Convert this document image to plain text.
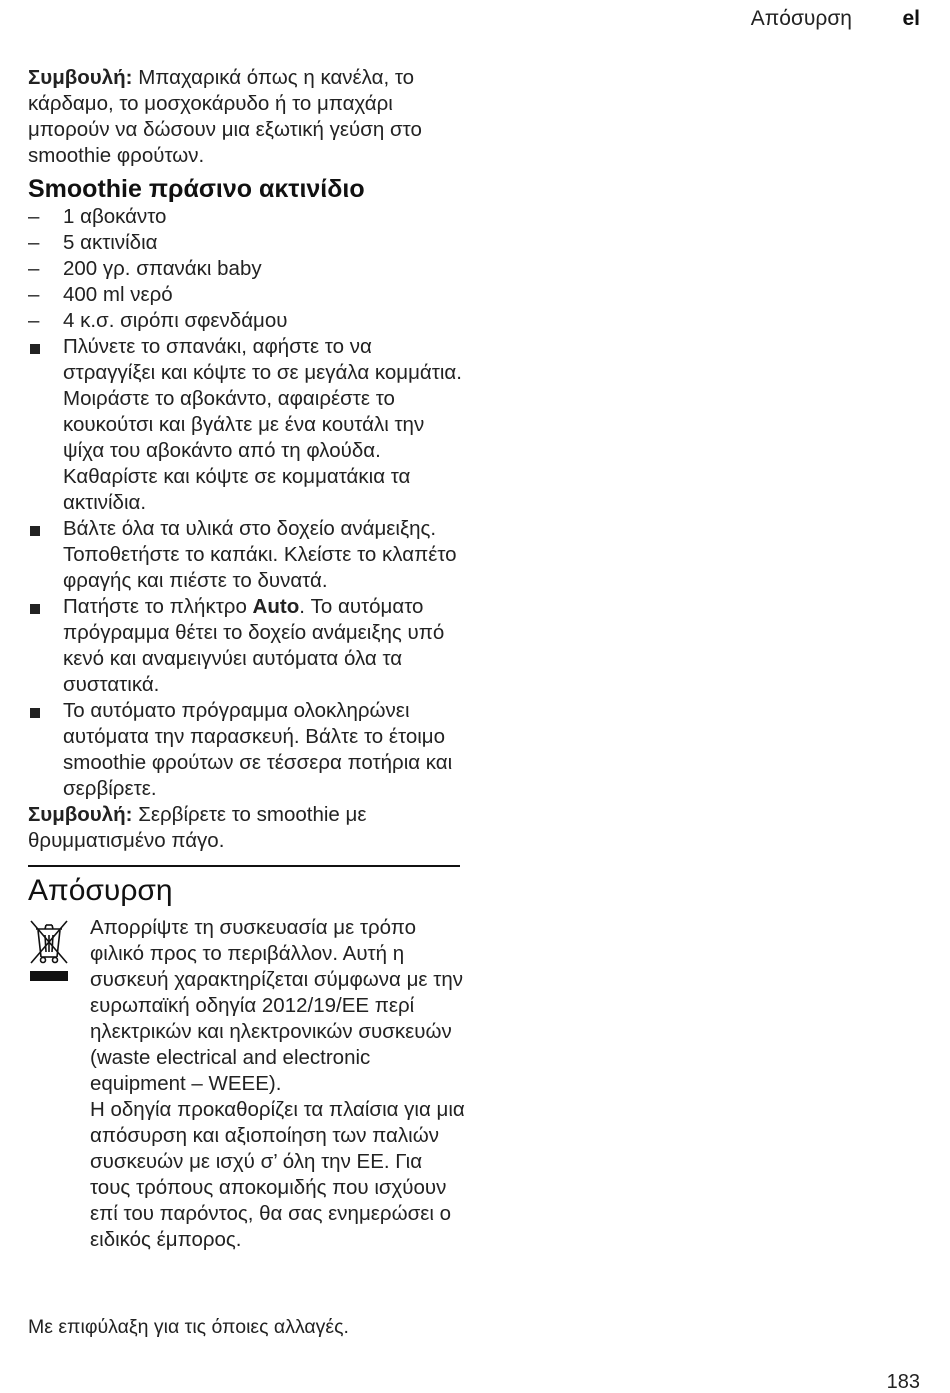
Απόσυρση el

Συμβουλή: Μπαχαρικά όπως η κανέλα, το κάρδαμο, το μοσχοκάρυδο ή το μπαχάρι μπορούν να δώσουν μια εξωτική γεύση στο smoothie φρούτων.

Smoothie πράσινο ακτινίδιο
– 1 αβοκάντο
– 5 ακτινίδια
– 200 γρ. σπανάκι baby
– 400 ml νερό
– 4 κ.σ. σιρόπι σφενδάμου
Πλύνετε το σπανάκι, αφήστε το να στραγγίξει και κόψτε το σε μεγάλα κομμάτια. Μοιράστε το αβοκάντο, αφαιρέστε το κουκούτσι και βγάλτε με ένα κουτάλι την ψίχα του αβοκάντο από τη φλούδα. Καθαρίστε και κόψτε σε κομματάκια τα ακτινίδια.
Βάλτε όλα τα υλικά στο δοχείο ανάμειξης. Τοποθετήστε το καπάκι. Κλείστε το κλαπέτο φραγής και πιέστε το δυνατά.
Πατήστε το πλήκτρο Auto. Το αυτόματο πρόγραμμα θέτει το δοχείο ανάμειξης υπό κενό και αναμειγνύει αυτόματα όλα τα συστατικά.
Το αυτόματο πρόγραμμα ολοκληρώνει αυτόματα την παρασκευή. Βάλτε το έτοιμο smoothie φρούτων σε τέσσερα ποτήρια και σερβίρετε.

Συμβουλή: Σερβίρετε το smoothie με θρυμματισμένο πάγο.

Απόσυρση

Απορρίψτε τη συσκευασία με τρόπο φιλικό προς το περιβάλλον. Αυτή η συσκευή χαρακτηρίζεται σύμφωνα με την ευρωπαϊκή οδηγία 2012/19/EE περί ηλεκτρικών και ηλεκτρονικών συσκευών (waste electrical and electronic equipment – WEEE).

Η οδηγία προκαθορίζει τα πλαίσια για μια απόσυρση και αξιοποίηση των παλιών συσκευών με ισχύ σ’ όλη την ΕΕ. Για τους τρόπους αποκομιδής που ισχύουν επί του παρόντος, θα σας ενημερώσει ο ειδικός έμπορος.

Με επιφύλαξη για τις όποιες αλλαγές.
183
